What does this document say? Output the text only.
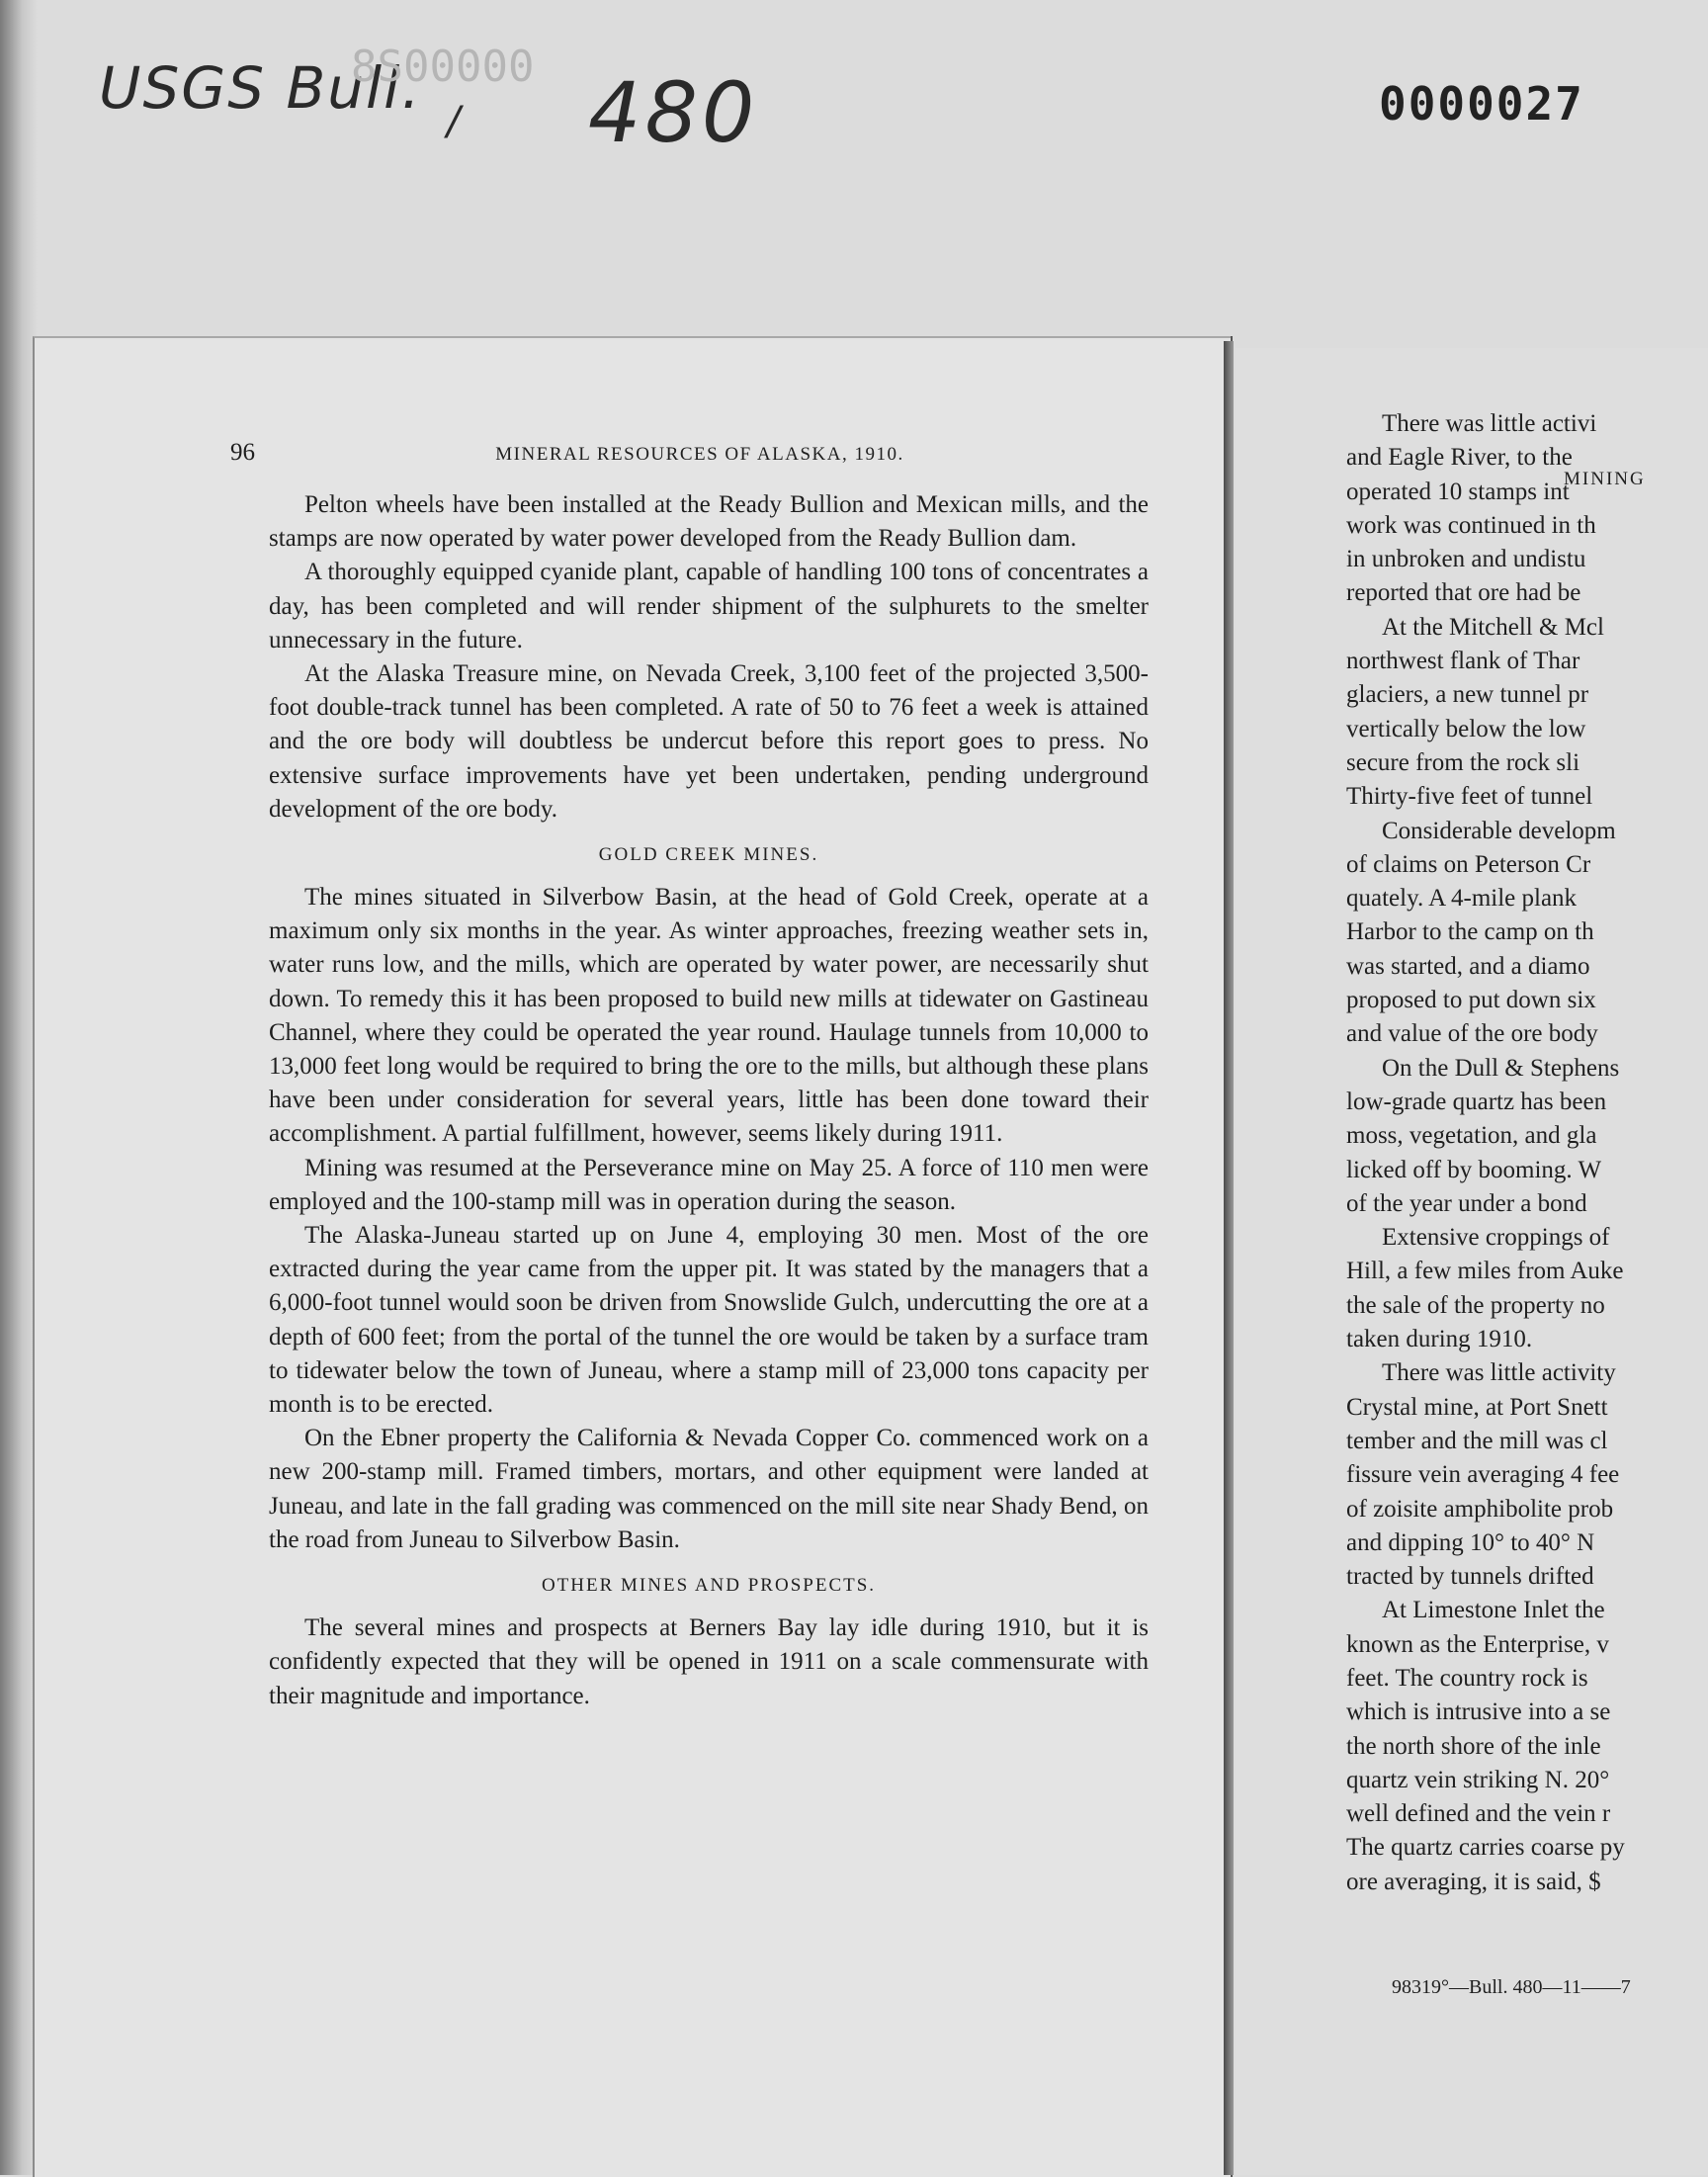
USGS Bull.
8S00000
/ 480	0000027
96	MINERAL RESOURCES OF ALASKA, 1910.

Pelton wheels have been installed at the Ready Bullion and Mexican mills, and the stamps are now operated by water power developed from the Ready Bullion dam.

A thoroughly equipped cyanide plant, capable of handling 100 tons of concentrates a day, has been completed and will render shipment of the sulphurets to the smelter unnecessary in the future.

At the Alaska Treasure mine, on Nevada Creek, 3,100 feet of the projected 3,500-foot double-track tunnel has been completed. A rate of 50 to 76 feet a week is attained and the ore body will doubtless be undercut before this report goes to press. No extensive surface improvements have yet been undertaken, pending underground development of the ore body.

GOLD CREEK MINES.

The mines situated in Silverbow Basin, at the head of Gold Creek, operate at a maximum only six months in the year. As winter approaches, freezing weather sets in, water runs low, and the mills, which are operated by water power, are necessarily shut down. To remedy this it has been proposed to build new mills at tidewater on Gastineau Channel, where they could be operated the year round. Haulage tunnels from 10,000 to 13,000 feet long would be required to bring the ore to the mills, but although these plans have been under consideration for several years, little has been done toward their accomplishment. A partial fulfillment, however, seems likely during 1911.

Mining was resumed at the Perseverance mine on May 25. A force of 110 men were employed and the 100-stamp mill was in operation during the season.

The Alaska-Juneau started up on June 4, employing 30 men. Most of the ore extracted during the year came from the upper pit. It was stated by the managers that a 6,000-foot tunnel would soon be driven from Snowslide Gulch, undercutting the ore at a depth of 600 feet; from the portal of the tunnel the ore would be taken by a surface tram to tidewater below the town of Juneau, where a stamp mill of 23,000 tons capacity per month is to be erected.

On the Ebner property the California & Nevada Copper Co. commenced work on a new 200-stamp mill. Framed timbers, mortars, and other equipment were landed at Juneau, and late in the fall grading was commenced on the mill site near Shady Bend, on the road from Juneau to Silverbow Basin.

OTHER MINES AND PROSPECTS.

The several mines and prospects at Berners Bay lay idle during 1910, but it is confidently expected that they will be opened in 1911 on a scale commensurate with their magnitude and importance.

MINING
There was little activi
and Eagle River, to the
operated 10 stamps int
work was continued in th
in unbroken and undistu
reported that ore had be
At the Mitchell & Mcl
northwest flank of Thar
glaciers, a new tunnel pr
vertically below the low
secure from the rock sli
Thirty-five feet of tunnel
Considerable developm
of claims on Peterson Cr
quately. A 4-mile plank
Harbor to the camp on th
was started, and a diamo
proposed to put down six
and value of the ore body
On the Dull & Stephens
low-grade quartz has been
moss, vegetation, and gla
licked off by booming. W
of the year under a bond
Extensive croppings of
Hill, a few miles from Auke
the sale of the property no
taken during 1910.
There was little activity
Crystal mine, at Port Snett
tember and the mill was cl
fissure vein averaging 4 fee
of zoisite amphibolite prob
and dipping 10° to 40° N
tracted by tunnels drifted
At Limestone Inlet the
known as the Enterprise, v
feet. The country rock is
which is intrusive into a se
the north shore of the inle
quartz vein striking N. 20°
well defined and the vein r
The quartz carries coarse py
ore averaging, it is said, $
98319°—Bull. 480—11——7
